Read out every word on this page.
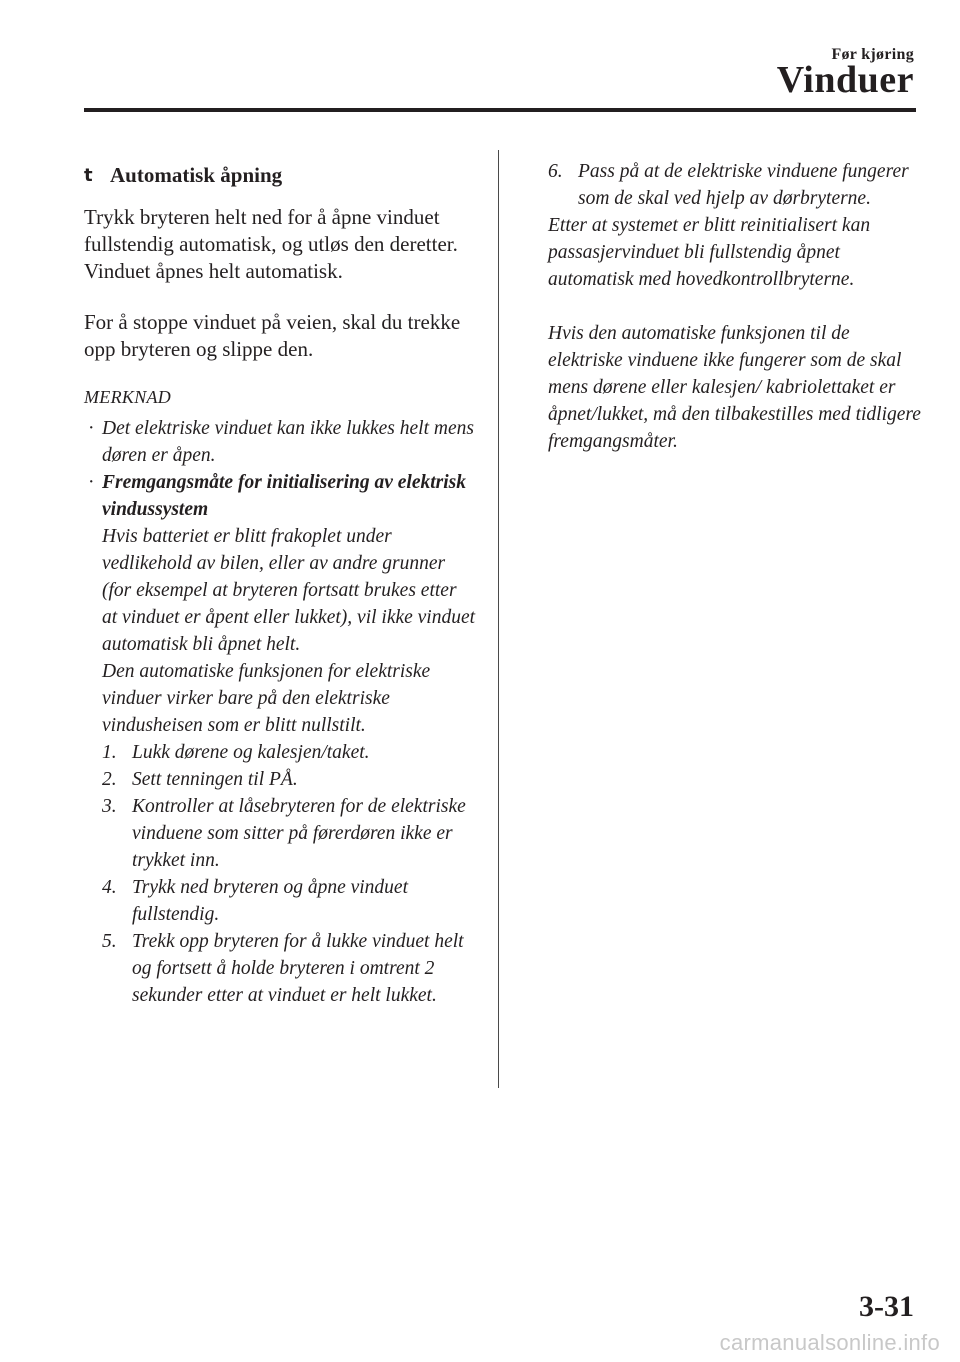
Før kjøring
Vinduer
t Automatisk åpning

Trykk bryteren helt ned for å åpne vinduet fullstendig automatisk, og utløs den deretter. Vinduet åpnes helt automatisk.

For å stoppe vinduet på veien, skal du trekke opp bryteren og slippe den.

MERKNAD
· Det elektriske vinduet kan ikke lukkes helt mens døren er åpen.
· Fremgangsmåte for initialisering av elektrisk vindussystem
Hvis batteriet er blitt frakoplet under vedlikehold av bilen, eller av andre grunner (for eksempel at bryteren fortsatt brukes etter at vinduet er åpent eller lukket), vil ikke vinduet automatisk bli åpnet helt.
Den automatiske funksjonen for elektriske vinduer virker bare på den elektriske vindusheisen som er blitt nullstilt.
1. Lukk dørene og kalesjen/taket.
2. Sett tenningen til PÅ.
3. Kontroller at låsebryteren for de elektriske vinduene som sitter på førerdøren ikke er trykket inn.
4. Trykk ned bryteren og åpne vinduet fullstendig.
5. Trekk opp bryteren for å lukke vinduet helt og fortsett å holde bryteren i omtrent 2 sekunder etter at vinduet er helt lukket.
6. Pass på at de elektriske vinduene fungerer som de skal ved hjelp av dørbryterne.

Etter at systemet er blitt reinitialisert kan passasjervinduet bli fullstendig åpnet automatisk med hovedkontrollbryterne.

Hvis den automatiske funksjonen til de elektriske vinduene ikke fungerer som de skal mens dørene eller kalesjen/ kabriolettaket er åpnet/lukket, må den tilbakestilles med tidligere fremgangsmåter.

3-31
carmanualsonline.info
